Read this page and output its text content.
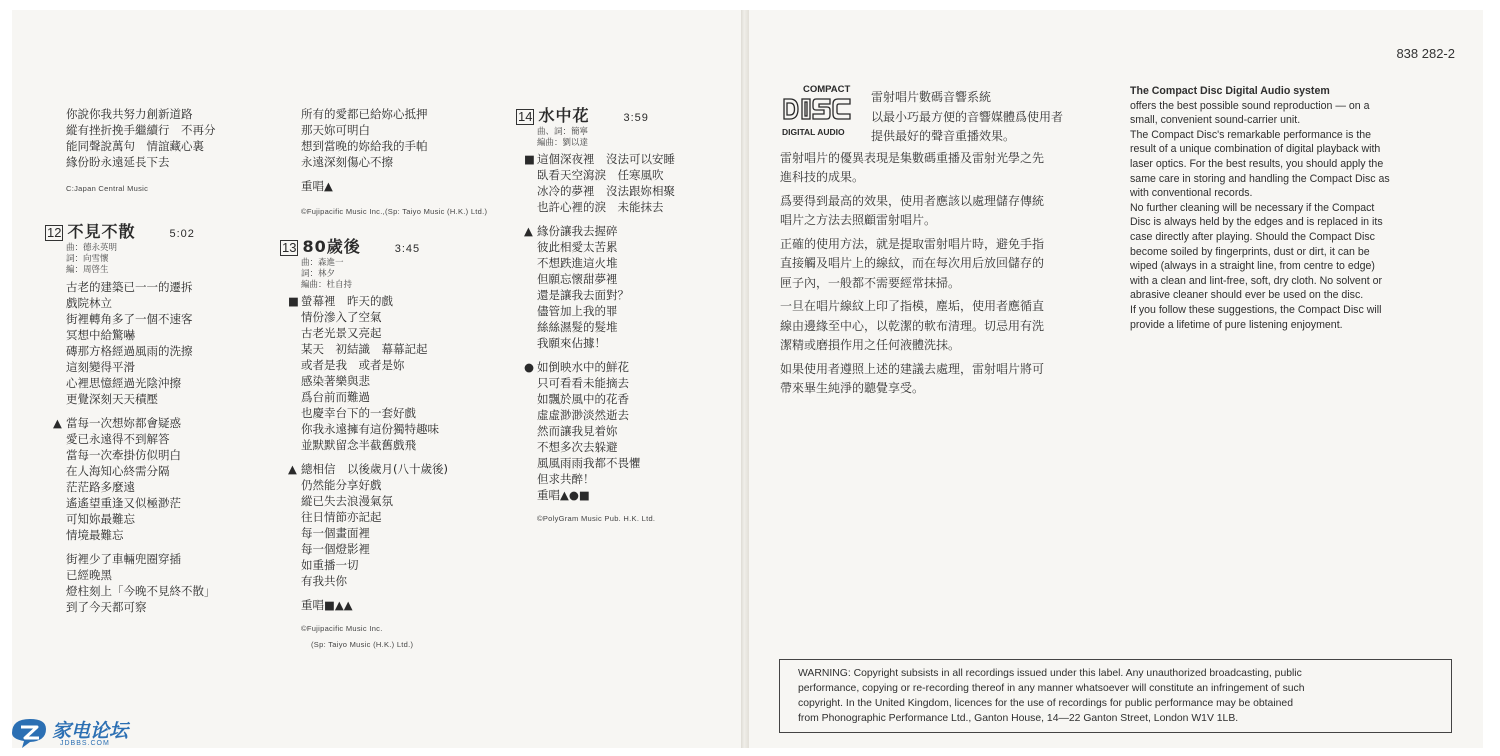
你說你我共努力創新道路
縱有挫折挽手繼續行　不再分
能同聲說萬句　情誼藏心裏
緣份盼永遠延長下去
C:Japan Central Music
12 不見不散	5:02
曲：德永英明
詞：向雪懷
編：周啓生
古老的建築已一一的遷拆
戲院林立
街裡轉角多了一個不速客
冥想中給驚嚇
磚那方格經過風雨的洗擦
這刻變得平滑
心裡思憶經過光陰沖擦
更覺深刻天天積壓
▲ 當每一次想妳都會疑惑
愛已永遠得不到解答
當每一次牽掛仿似明白
在人海知心終需分隔
茫茫路多麼遠
遙遙望重逢又似極渺茫
可知妳最難忘
情境最難忘
街裡少了車輛兜圈穿插
已經晚黑
燈柱刻上「今晚不見終不散」
到了今天都可察
所有的愛都已給妳心抵押
那天妳可明白
想到當晚的妳給我的手帕
永遠深刻傷心不擦
重唱▲
©Fujipacific Music Inc.,(Sp: Taiyo Music (H.K.) Ltd.)
13 80歲後	3:45
曲：森進一
詞：林夕
編曲：杜自持
■ 螢幕裡　昨天的戲
情份滲入了空氣
古老光景又亮起
某天　初結識　幕幕記起
或者是我　或者是妳
感染著樂與悲
爲台前而難過
也慶幸台下的一套好戲
你我永遠擁有這份獨特趣味
並默默留念半截舊戲飛
▲ 總相信　以後歲月(八十歲後)
仍然能分享好戲
縱已失去浪漫氣氛
往日情節亦記起
每一個畫面裡
每一個燈影裡
如重播一切
有我共你
重唱■▲▲
©Fujipacific Music Inc.
(Sp: Taiyo Music (H.K.) Ltd.)
14 水中花	3:59
曲、詞：簡寧
編曲：劉以達
■ 這個深夜裡　沒法可以安睡
臥看天空瀉淚　任寒風吹
冰冷的夢裡　沒法跟妳相聚
也許心裡的淚　未能抹去
▲ 緣份讓我去握碎
彼此相愛太苦累
不想跌進這火堆
但願忘懷甜夢裡
還是讓我去面對？
儘管加上我的罪
絲絲濕髮的髮堆
我願來佔據！
● 如倒映水中的鮮花
只可看看未能摘去
如飄於風中的花香
虛虛渺渺淡然逝去
然而讓我見着妳
不想多次去躲避
風風雨雨我都不畏懼
但求共醉！
重唱▲●■
©PolyGram Music Pub. H.K. Ltd.
838 282-2
COMPACT
DIGITAL AUDIO
雷射唱片數碼音響系統
以最小巧最方便的音響媒體爲使用者
提供最好的聲音重播效果。
雷射唱片的優異表現是集數碼重播及雷射光學之先
進科技的成果。
爲要得到最高的效果，使用者應該以處理儲存傳統
唱片之方法去照顧雷射唱片。
正確的使用方法，就是提取雷射唱片時，避免手指
直接觸及唱片上的線紋，而在每次用后放回儲存的
匣子內，一般都不需要經常抹掃。
一旦在唱片線紋上印了指模，塵垢，使用者應循直
線由邊緣至中心，以乾潔的軟布清理。切忌用有洗
潔精或磨損作用之任何液體洗抹。
如果使用者遵照上述的建議去處理，雷射唱片將可
帶來畢生純淨的聽覺享受。
The Compact Disc Digital Audio system
offers the best possible sound reproduction — on a
small, convenient sound-carrier unit.
The Compact Disc's remarkable performance is the
result of a unique combination of digital playback with
laser optics. For the best results, you should apply the
same care in storing and handling the Compact Disc as
with conventional records.
No further cleaning will be necessary if the Compact
Disc is always held by the edges and is replaced in its
case directly after playing. Should the Compact Disc
become soiled by fingerprints, dust or dirt, it can be
wiped (always in a straight line, from centre to edge)
with a clean and lint-free, soft, dry cloth. No solvent or
abrasive cleaner should ever be used on the disc.
If you follow these suggestions, the Compact Disc will
provide a lifetime of pure listening enjoyment.
WARNING: Copyright subsists in all recordings issued under this label. Any unauthorized broadcasting, public
performance, copying or re-recording thereof in any manner whatsoever will constitute an infringement of such
copyright. In the United Kingdom, licences for the use of recordings for public performance may be obtained
from Phonographic Performance Ltd., Ganton House, 14—22 Ganton Street, London W1V 1LB.
家电论坛
JDBBS.COM
